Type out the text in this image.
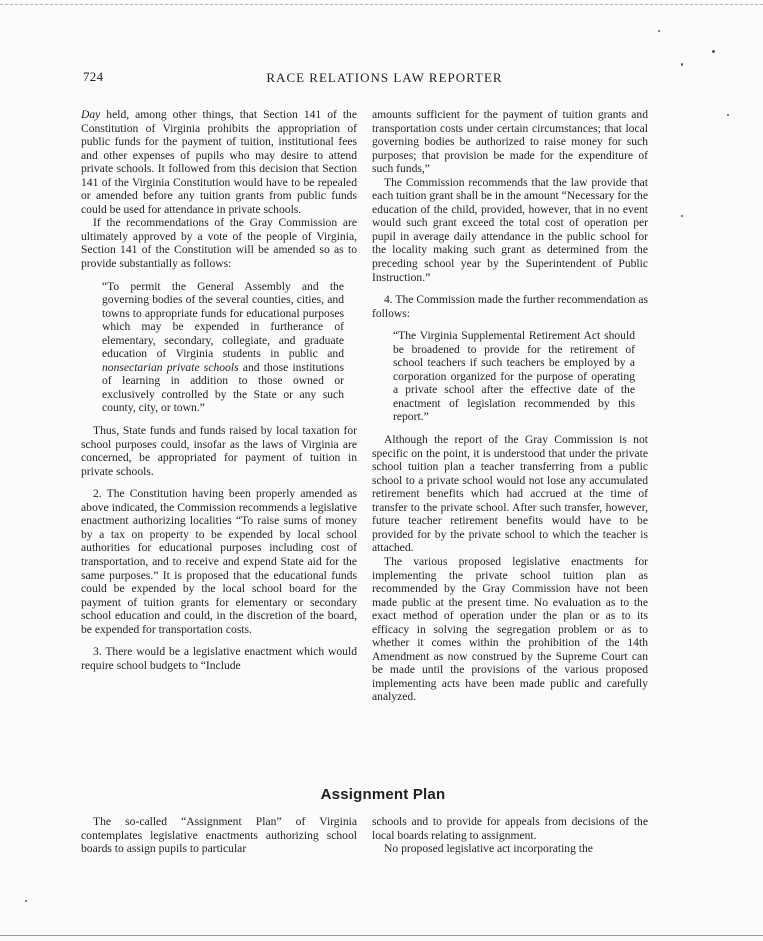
724	RACE RELATIONS LAW REPORTER

Day held, among other things, that Section 141 of the Constitution of Virginia prohibits the appropriation of public funds for the payment of tuition, institutional fees and other expenses of pupils who may desire to attend private schools. It followed from this decision that Section 141 of the Virginia Constitution would have to be repealed or amended before any tuition grants from public funds could be used for attendance in private schools.

If the recommendations of the Gray Commission are ultimately approved by a vote of the people of Virginia, Section 141 of the Constitution will be amended so as to provide substantially as follows:

“To permit the General Assembly and the governing bodies of the several counties, cities, and towns to appropriate funds for educational purposes which may be expended in furtherance of elementary, secondary, collegiate, and graduate education of Virginia students in public and nonsectarian private schools and those institutions of learning in addition to those owned or exclusively controlled by the State or any such county, city, or town.”

Thus, State funds and funds raised by local taxation for school purposes could, insofar as the laws of Virginia are concerned, be appropriated for payment of tuition in private schools.

2. The Constitution having been properly amended as above indicated, the Commission recommends a legislative enactment authorizing localities “To raise sums of money by a tax on property to be expended by local school authorities for educational purposes including cost of transportation, and to receive and expend State aid for the same purposes.” It is proposed that the educational funds could be expended by the local school board for the payment of tuition grants for elementary or secondary school education and could, in the discretion of the board, be expended for transportation costs.

3. There would be a legislative enactment which would require school budgets to “Include

amounts sufficient for the payment of tuition grants and transportation costs under certain circumstances; that local governing bodies be authorized to raise money for such purposes; that provision be made for the expenditure of such funds,”

The Commission recommends that the law provide that each tuition grant shall be in the amount “Necessary for the education of the child, provided, however, that in no event would such grant exceed the total cost of operation per pupil in average daily attendance in the public school for the locality making such grant as determined from the preceding school year by the Superintendent of Public Instruction.”

4. The Commission made the further recommendation as follows:

“The Virginia Supplemental Retirement Act should be broadened to provide for the retirement of school teachers if such teachers be employed by a corporation organized for the purpose of operating a private school after the effective date of the enactment of legislation recommended by this report.”

Although the report of the Gray Commission is not specific on the point, it is understood that under the private school tuition plan a teacher transferring from a public school to a private school would not lose any accumulated retirement benefits which had accrued at the time of transfer to the private school. After such transfer, however, future teacher retirement benefits would have to be provided for by the private school to which the teacher is attached.

The various proposed legislative enactments for implementing the private school tuition plan as recommended by the Gray Commission have not been made public at the present time. No evaluation as to the exact method of operation under the plan or as to its efficacy in solving the segregation problem or as to whether it comes within the prohibition of the 14th Amendment as now construed by the Supreme Court can be made until the provisions of the various proposed implementing acts have been made public and carefully analyzed.

Assignment Plan

The so-called “Assignment Plan” of Virginia contemplates legislative enactments authorizing school boards to assign pupils to particular

schools and to provide for appeals from decisions of the local boards relating to assignment.

No proposed legislative act incorporating the
